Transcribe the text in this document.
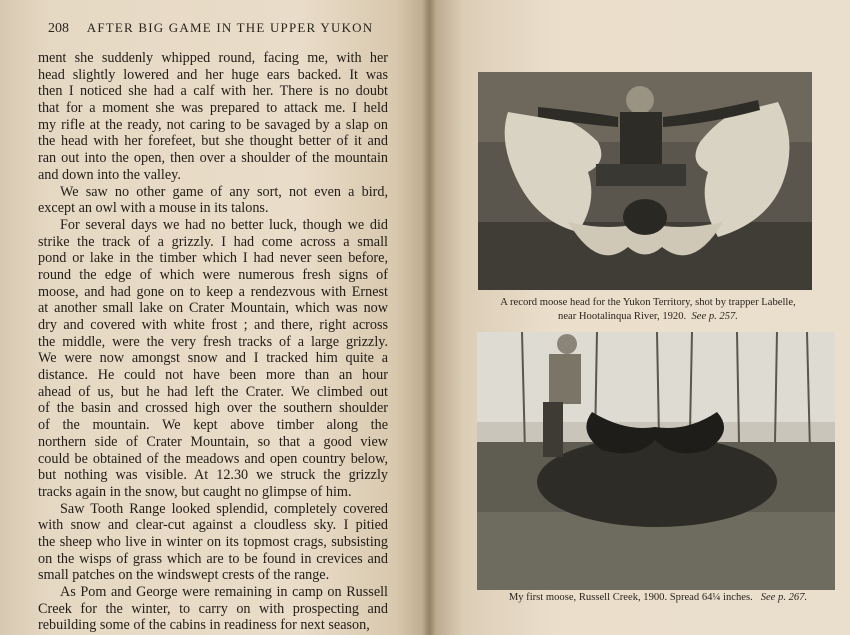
208 AFTER BIG GAME IN THE UPPER YUKON
ment she suddenly whipped round, facing me, with her
head slightly lowered and her huge ears backed. It was
then I noticed she had a calf with her. There is no doubt
that for a moment she was prepared to attack me. I held
my rifle at the ready, not caring to be savaged by a slap on
the head with her forefeet, but she thought better of it and
ran out into the open, then over a shoulder of the mountain
and down into the valley.
We saw no other game of any sort, not even a bird,
except an owl with a mouse in its talons.
For several days we had no better luck, though we did
strike the track of a grizzly. I had come across a small
pond or lake in the timber which I had never seen before,
round the edge of which were numerous fresh signs of
moose, and had gone on to keep a rendezvous with Ernest
at another small lake on Crater Mountain, which was now
dry and covered with white frost ; and there, right across
the middle, were the very fresh tracks of a large grizzly.
We were now amongst snow and I tracked him quite a
distance. He could not have been more than an hour
ahead of us, but he had left the Crater. We climbed out
of the basin and crossed high over the southern shoulder
of the mountain. We kept above timber along the
northern side of Crater Mountain, so that a good view
could be obtained of the meadows and open country below,
but nothing was visible. At 12.30 we struck the grizzly
tracks again in the snow, but caught no glimpse of him.
Saw Tooth Range looked splendid, completely covered
with snow and clear-cut against a cloudless sky. I pitied
the sheep who live in winter on its topmost crags, subsisting
on the wisps of grass which are to be found in crevices and
small patches on the windswept crests of the range.
As Pom and George were remaining in camp on Russell
Creek for the winter, to carry on with prospecting and
rebuilding some of the cabins in readiness for next season,
A record moose head for the Yukon Territory, shot by trapper Labelle,
near Hootalinqua River, 1920. See p. 257.
My first moose, Russell Creek, 1900. Spread 64¼ inches. See p. 267.
